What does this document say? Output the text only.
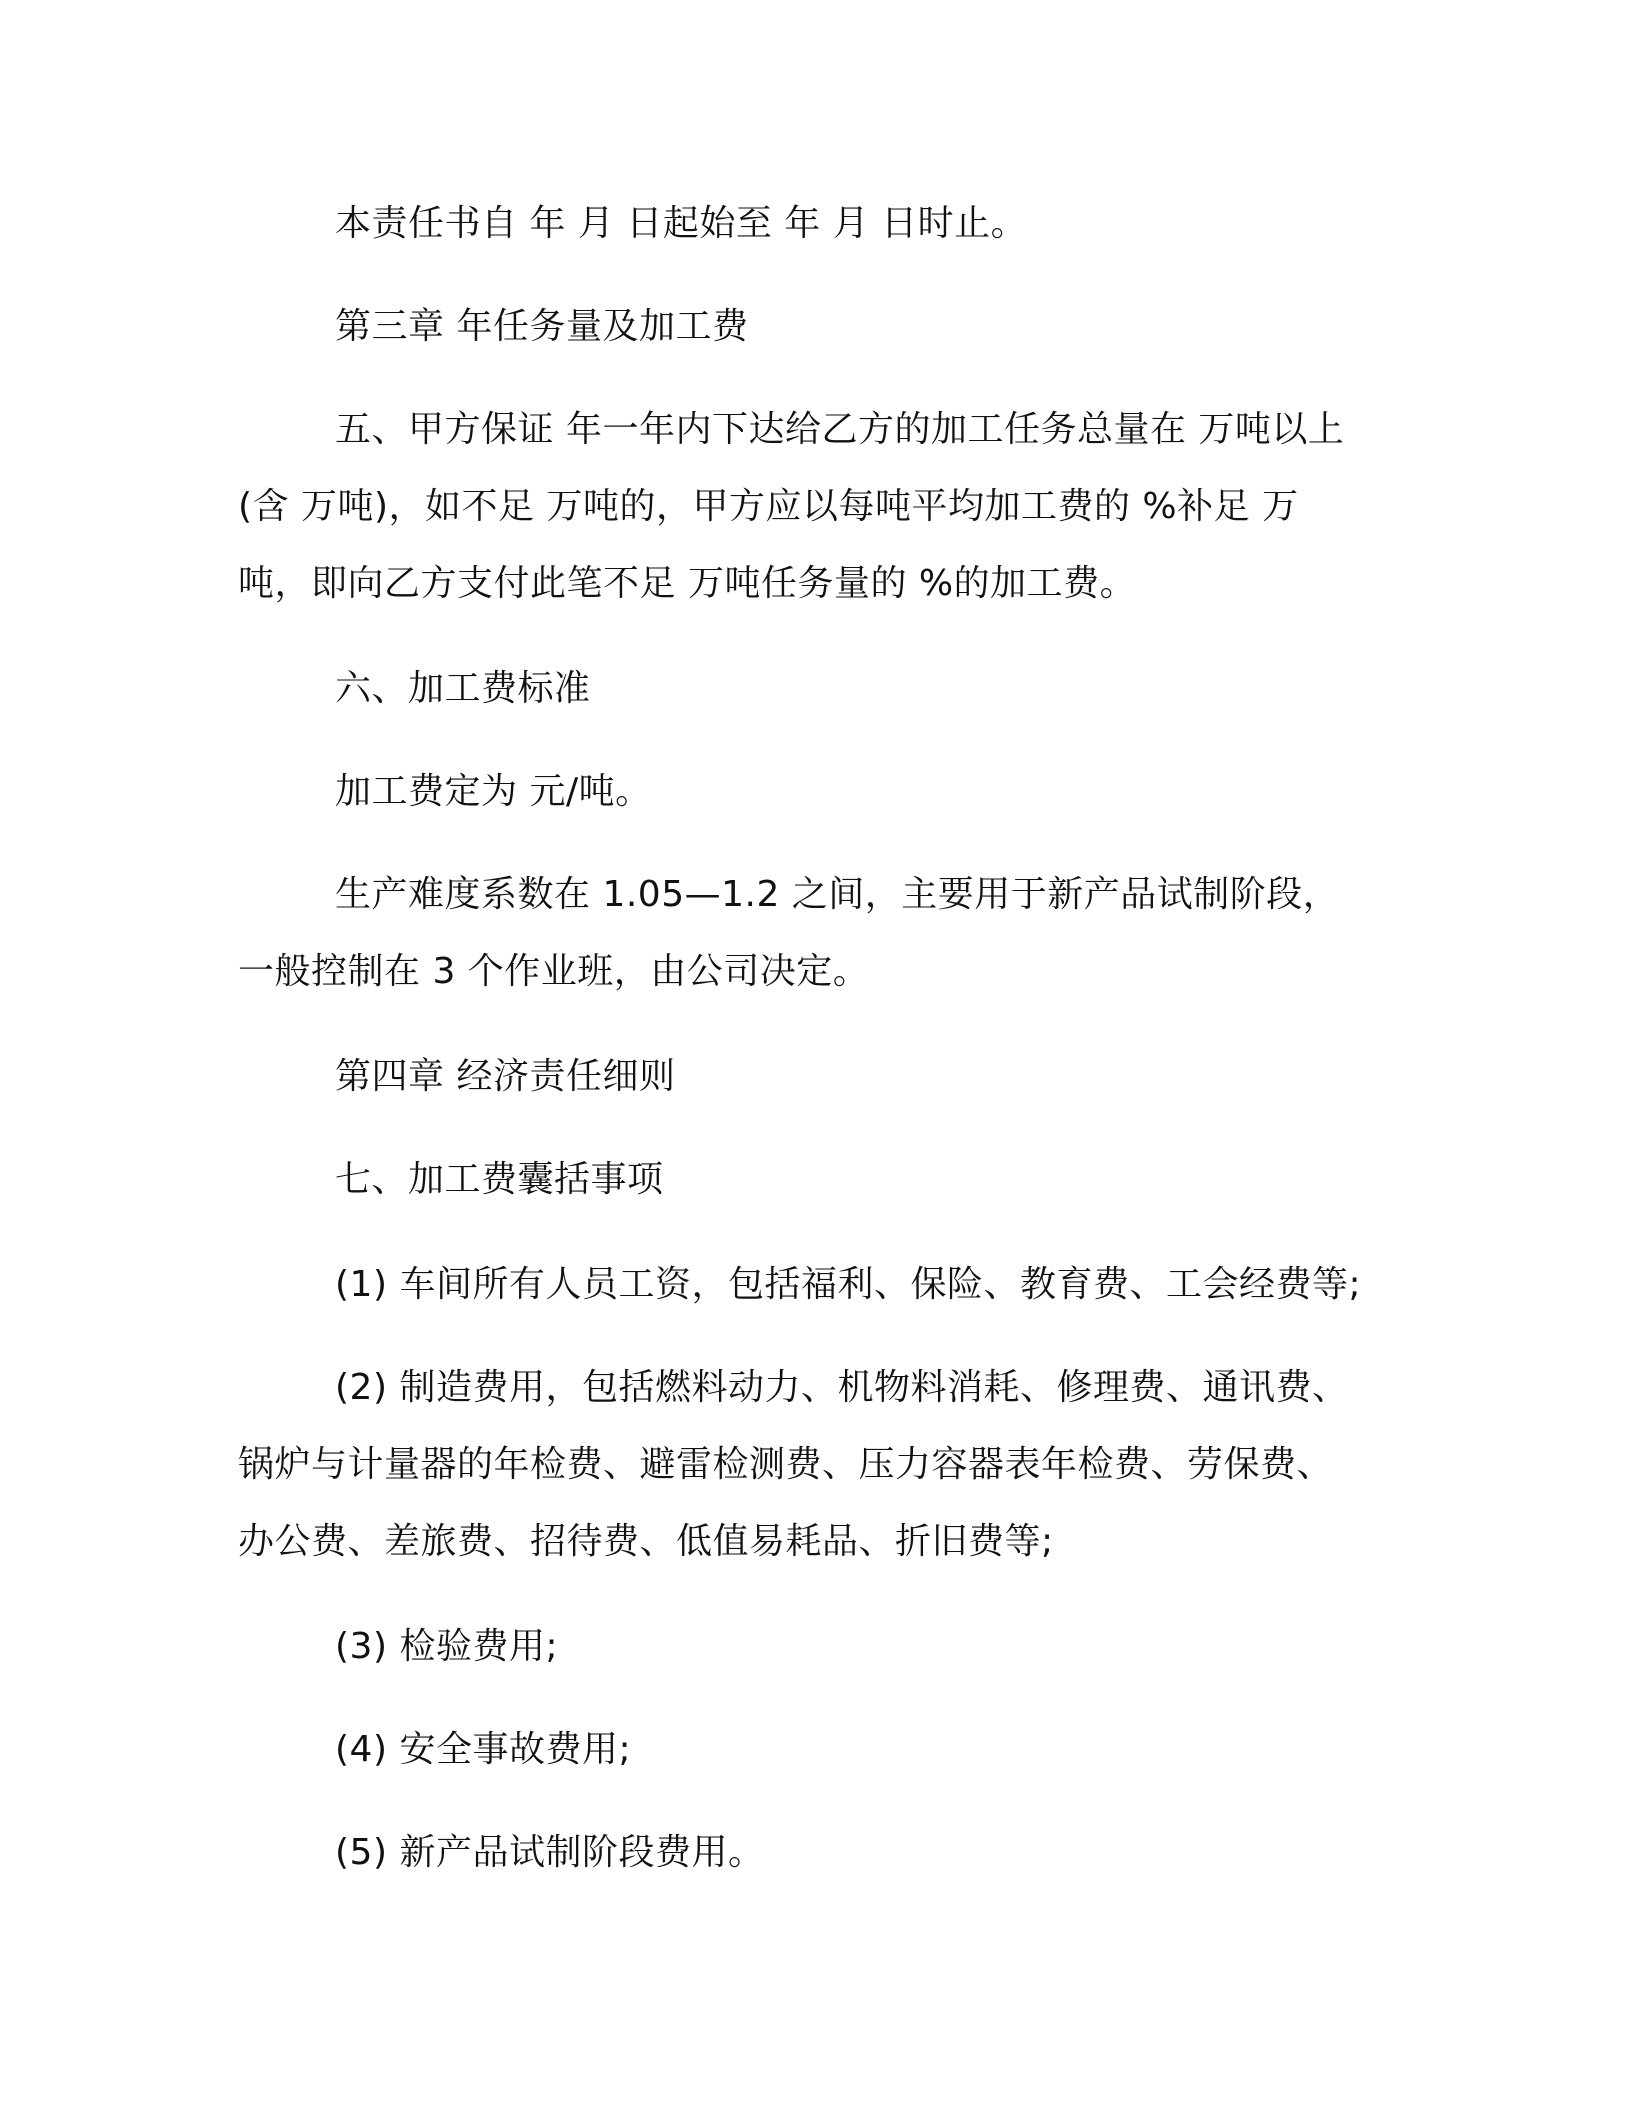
本责任书自 年 月 日起始至 年 月 日时止。

第三章 年任务量及加工费

五、甲方保证 年一年内下达给乙方的加工任务总量在 万吨以上(含 万吨)，如不足 万吨的，甲方应以每吨平均加工费的 %补足 万吨，即向乙方支付此笔不足 万吨任务量的 %的加工费。

六、加工费标准

加工费定为 元/吨。

生产难度系数在 1.05—1.2 之间，主要用于新产品试制阶段，一般控制在 3 个作业班，由公司决定。

第四章 经济责任细则

七、加工费囊括事项

(1) 车间所有人员工资，包括福利、保险、教育费、工会经费等;

(2) 制造费用，包括燃料动力、机物料消耗、修理费、通讯费、锅炉与计量器的年检费、避雷检测费、压力容器表年检费、劳保费、办公费、差旅费、招待费、低值易耗品、折旧费等;

(3) 检验费用;

(4) 安全事故费用;

(5) 新产品试制阶段费用。
